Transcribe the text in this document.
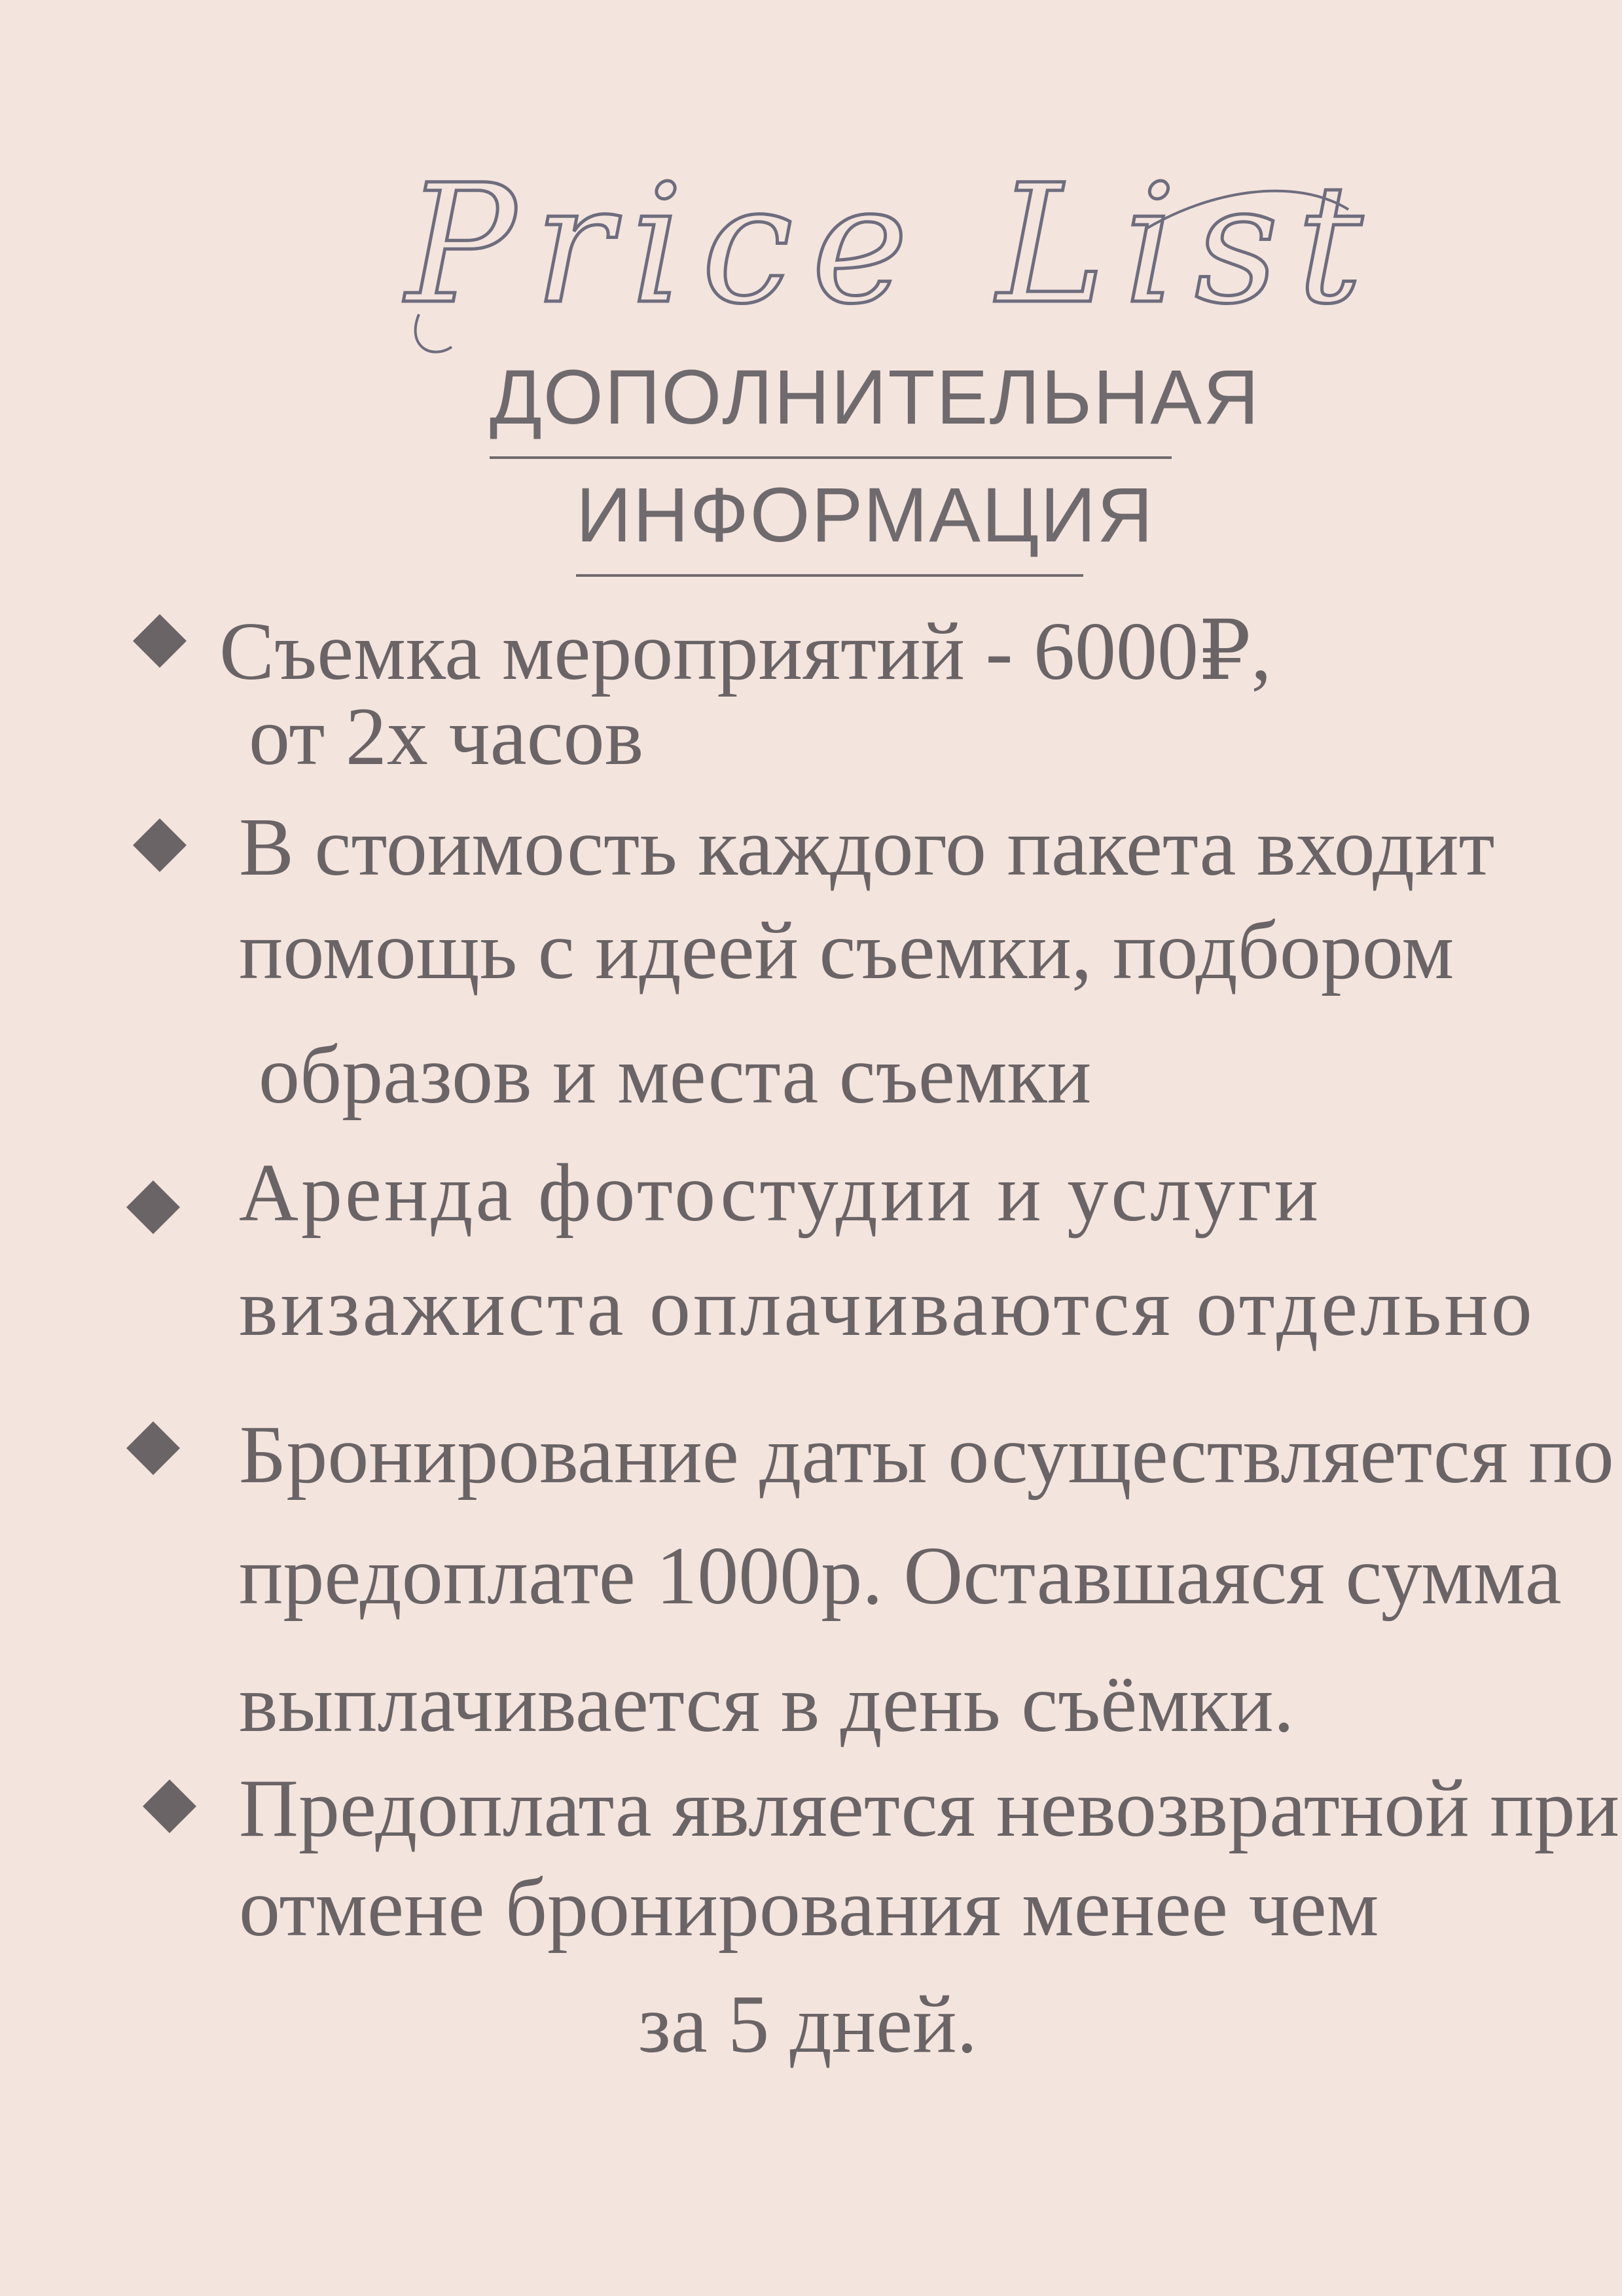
Price List
ДОПОЛНИТЕЛЬНАЯ
ИНФОРМАЦИЯ
Съемка мероприятий - 6000₽,
от 2х часов
В стоимость каждого пакета входит
помощь с идеей съемки, подбором
образов и места съемки
Аренда фотостудии и услуги
визажиста оплачиваются отдельно
Бронирование даты осуществляется по
предоплате 1000р. Оставшаяся сумма
выплачивается в день съёмки.
Предоплата является невозвратной при
отмене бронирования менее чем
за 5 дней.
